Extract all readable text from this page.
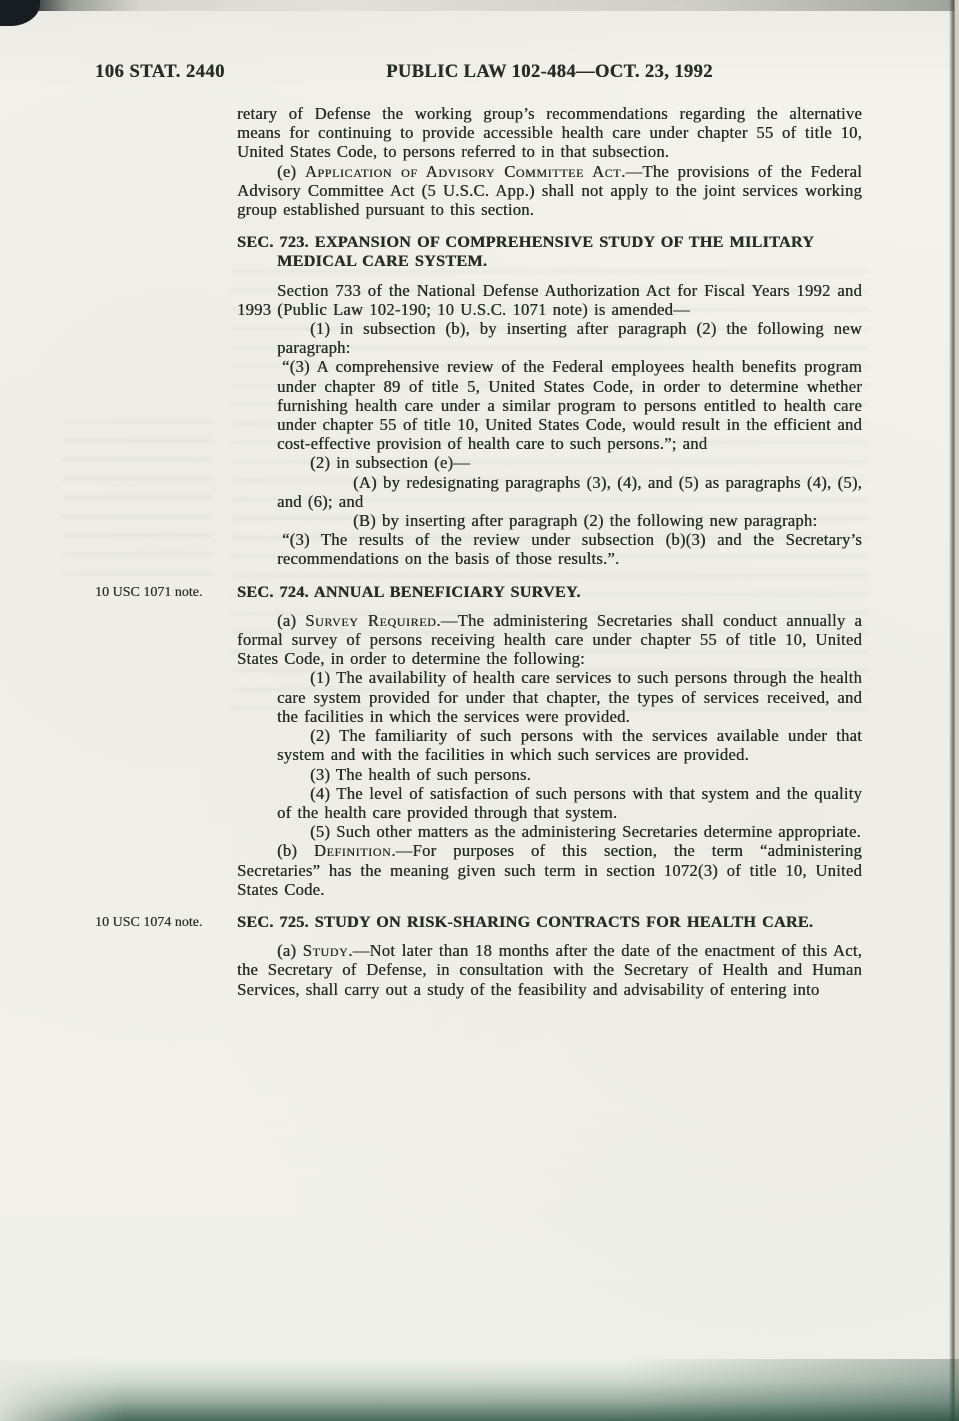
106 STAT. 2440	PUBLIC LAW 102-484—OCT. 23, 1992

retary of Defense the working group’s recommendations regarding the alternative means for continuing to provide accessible health care under chapter 55 of title 10, United States Code, to persons referred to in that subsection.

(e) Application of Advisory Committee Act.—The provisions of the Federal Advisory Committee Act (5 U.S.C. App.) shall not apply to the joint services working group established pursuant to this section.

SEC. 723. EXPANSION OF COMPREHENSIVE STUDY OF THE MILITARY MEDICAL CARE SYSTEM.

Section 733 of the National Defense Authorization Act for Fiscal Years 1992 and 1993 (Public Law 102-190; 10 U.S.C. 1071 note) is amended—

(1) in subsection (b), by inserting after paragraph (2) the following new paragraph:

“(3) A comprehensive review of the Federal employees health benefits program under chapter 89 of title 5, United States Code, in order to determine whether furnishing health care under a similar program to persons entitled to health care under chapter 55 of title 10, United States Code, would result in the efficient and cost-effective provision of health care to such persons.”; and

(2) in subsection (e)—

(A) by redesignating paragraphs (3), (4), and (5) as paragraphs (4), (5), and (6); and

(B) by inserting after paragraph (2) the following new paragraph:

“(3) The results of the review under subsection (b)(3) and the Secretary’s recommendations on the basis of those results.”.

SEC. 724. ANNUAL BENEFICIARY SURVEY.

(a) Survey Required.—The administering Secretaries shall conduct annually a formal survey of persons receiving health care under chapter 55 of title 10, United States Code, in order to determine the following:

(1) The availability of health care services to such persons through the health care system provided for under that chapter, the types of services received, and the facilities in which the services were provided.

(2) The familiarity of such persons with the services available under that system and with the facilities in which such services are provided.

(3) The health of such persons.

(4) The level of satisfaction of such persons with that system and the quality of the health care provided through that system.

(5) Such other matters as the administering Secretaries determine appropriate.

(b) Definition.—For purposes of this section, the term “administering Secretaries” has the meaning given such term in section 1072(3) of title 10, United States Code.

SEC. 725. STUDY ON RISK-SHARING CONTRACTS FOR HEALTH CARE.

(a) Study.—Not later than 18 months after the date of the enactment of this Act, the Secretary of Defense, in consultation with the Secretary of Health and Human Services, shall carry out a study of the feasibility and advisability of entering into

10 USC 1071 note.
10 USC 1074 note.
